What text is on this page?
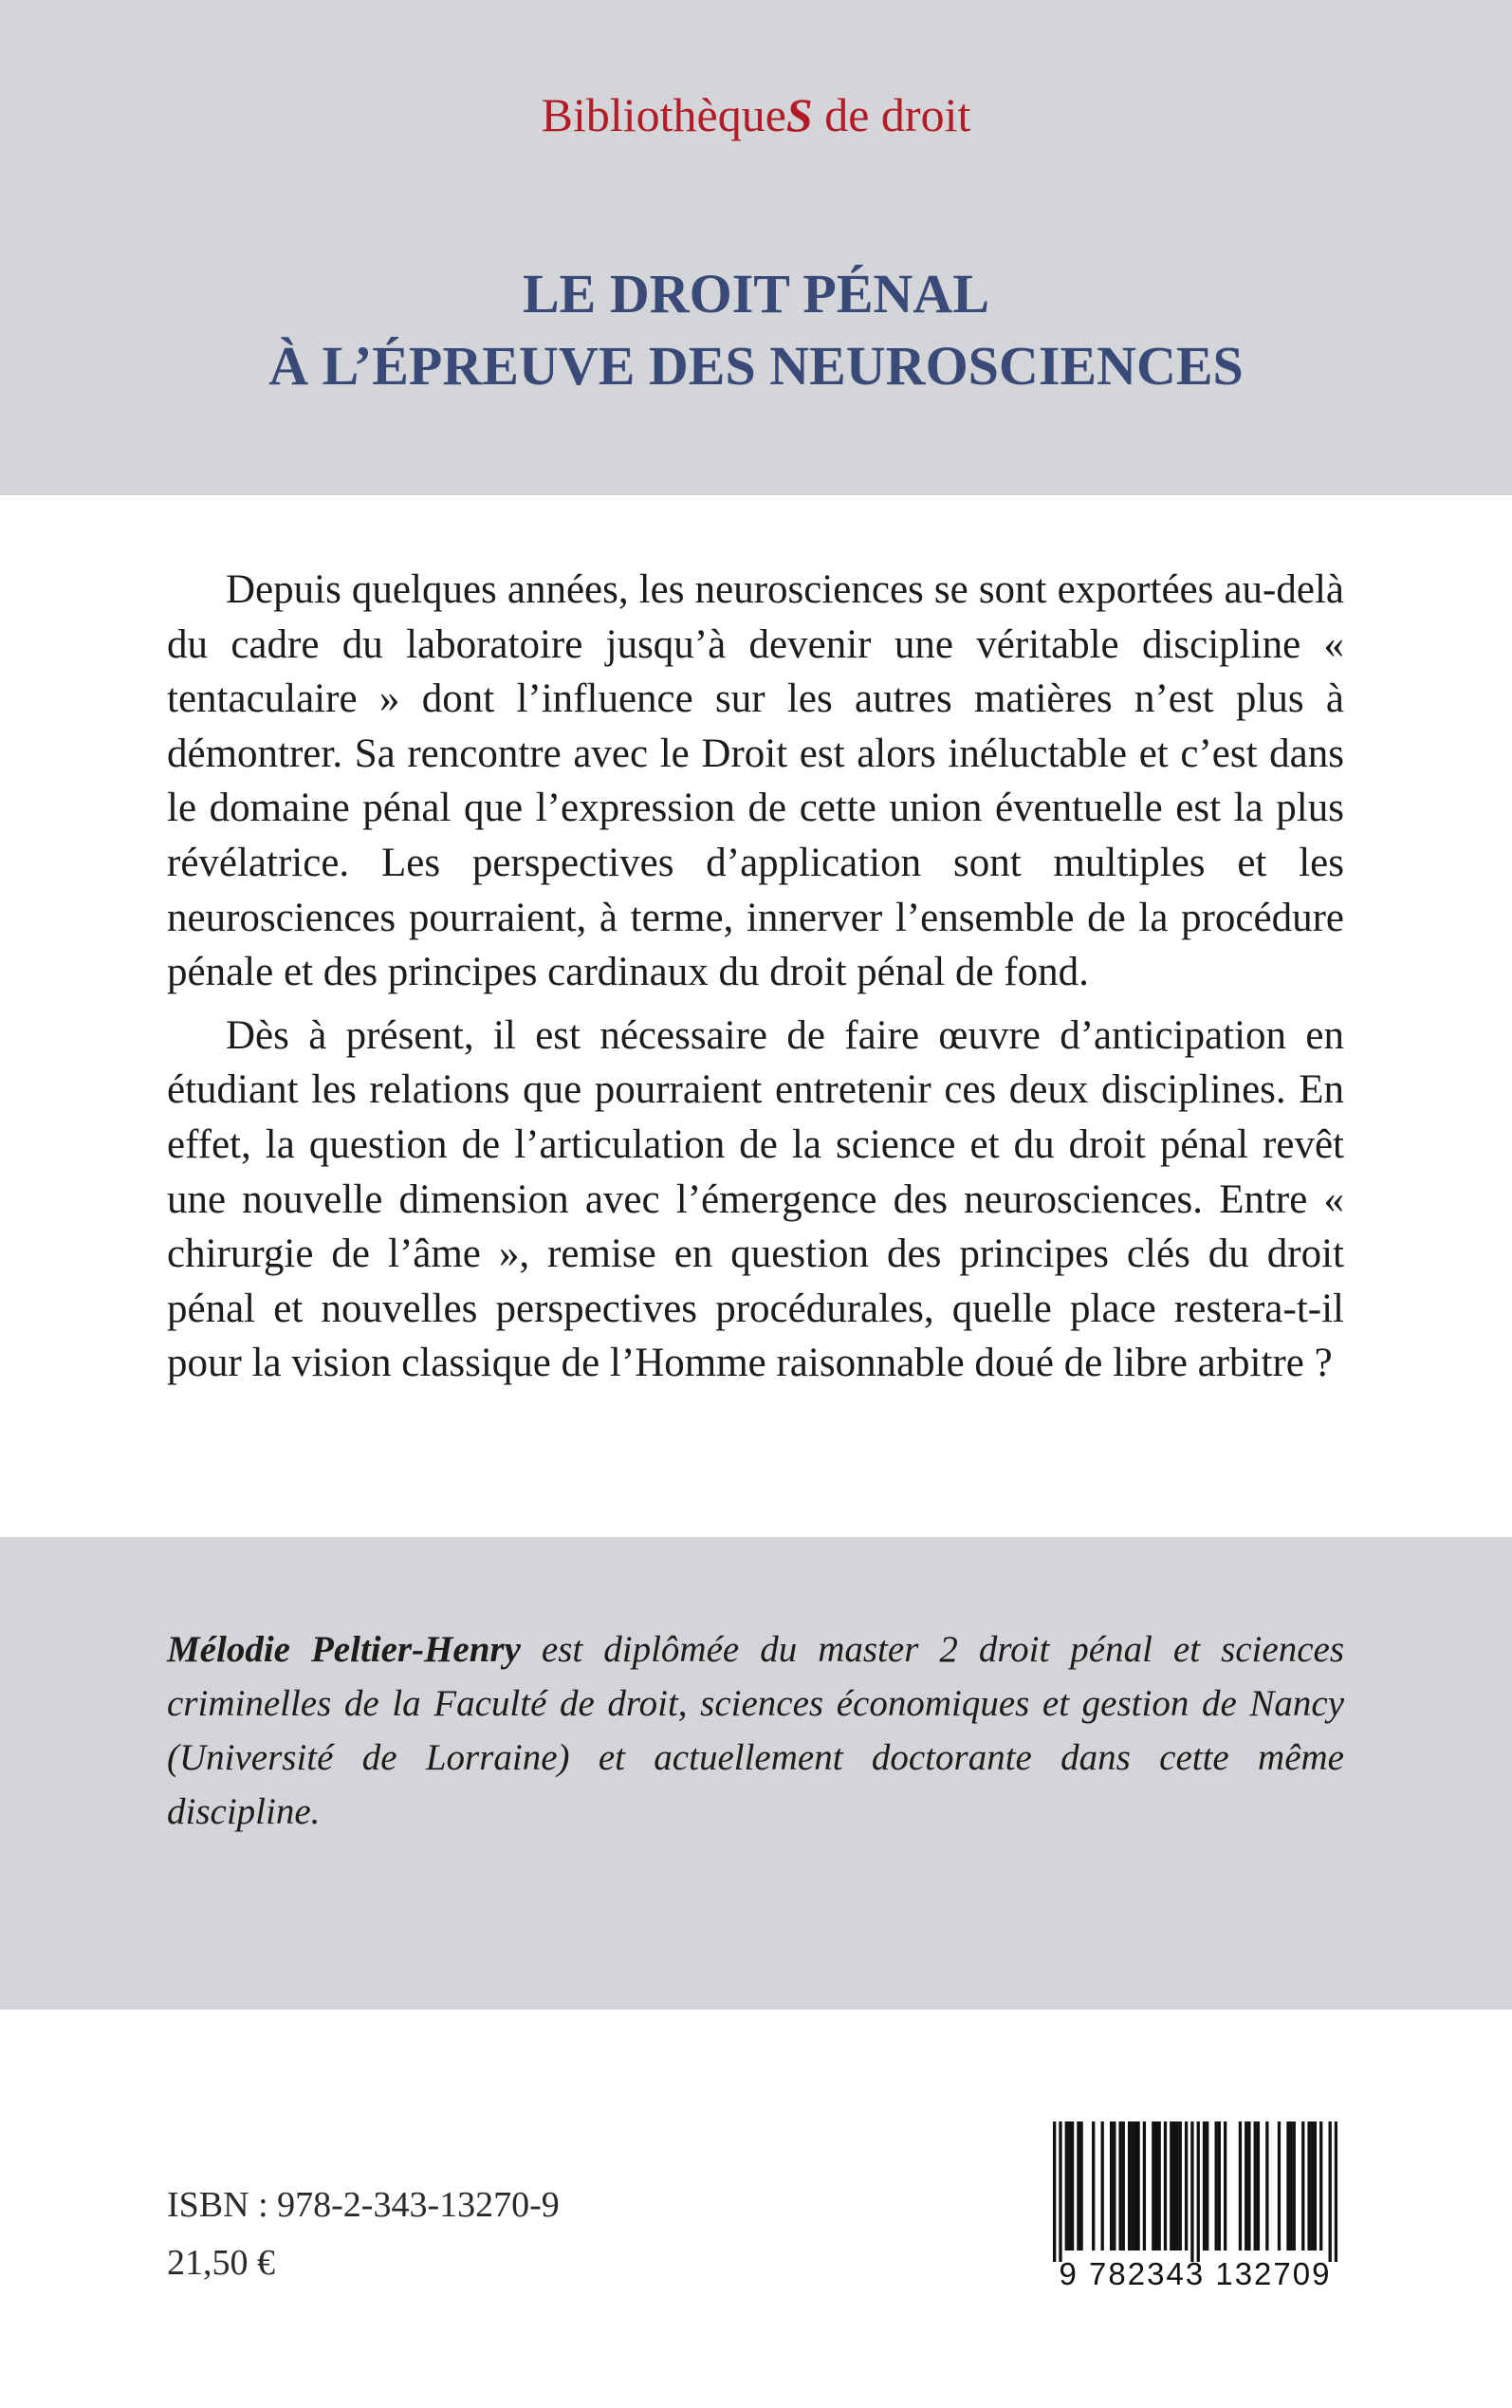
BibliothèqueS de droit
LE DROIT PÉNAL
À L’ÉPREUVE DES NEUROSCIENCES

Depuis quelques années, les neurosciences se sont exportées au-delà du cadre du laboratoire jusqu’à devenir une véritable discipline « tentaculaire » dont l’influence sur les autres matières n’est plus à démontrer. Sa rencontre avec le Droit est alors inéluctable et c’est dans le domaine pénal que l’expression de cette union éventuelle est la plus révélatrice. Les perspectives d’application sont multiples et les neurosciences pourraient, à terme, innerver l’ensemble de la procédure pénale et des principes cardinaux du droit pénal de fond.

Dès à présent, il est nécessaire de faire œuvre d’anticipation en étudiant les relations que pourraient entretenir ces deux disciplines. En effet, la question de l’articulation de la science et du droit pénal revêt une nouvelle dimension avec l’émergence des neurosciences. Entre « chirurgie de l’âme », remise en question des principes clés du droit pénal et nouvelles perspectives procédurales, quelle place restera-t-il pour la vision classique de l’Homme raisonnable doué de libre arbitre ?

Mélodie Peltier-Henry est diplômée du master 2 droit pénal et sciences criminelles de la Faculté de droit, sciences économiques et gestion de Nancy (Université de Lorraine) et actuellement doctorante dans cette même discipline.
ISBN : 978-2-343-13270-9
21,50 €	9 782343 132709
